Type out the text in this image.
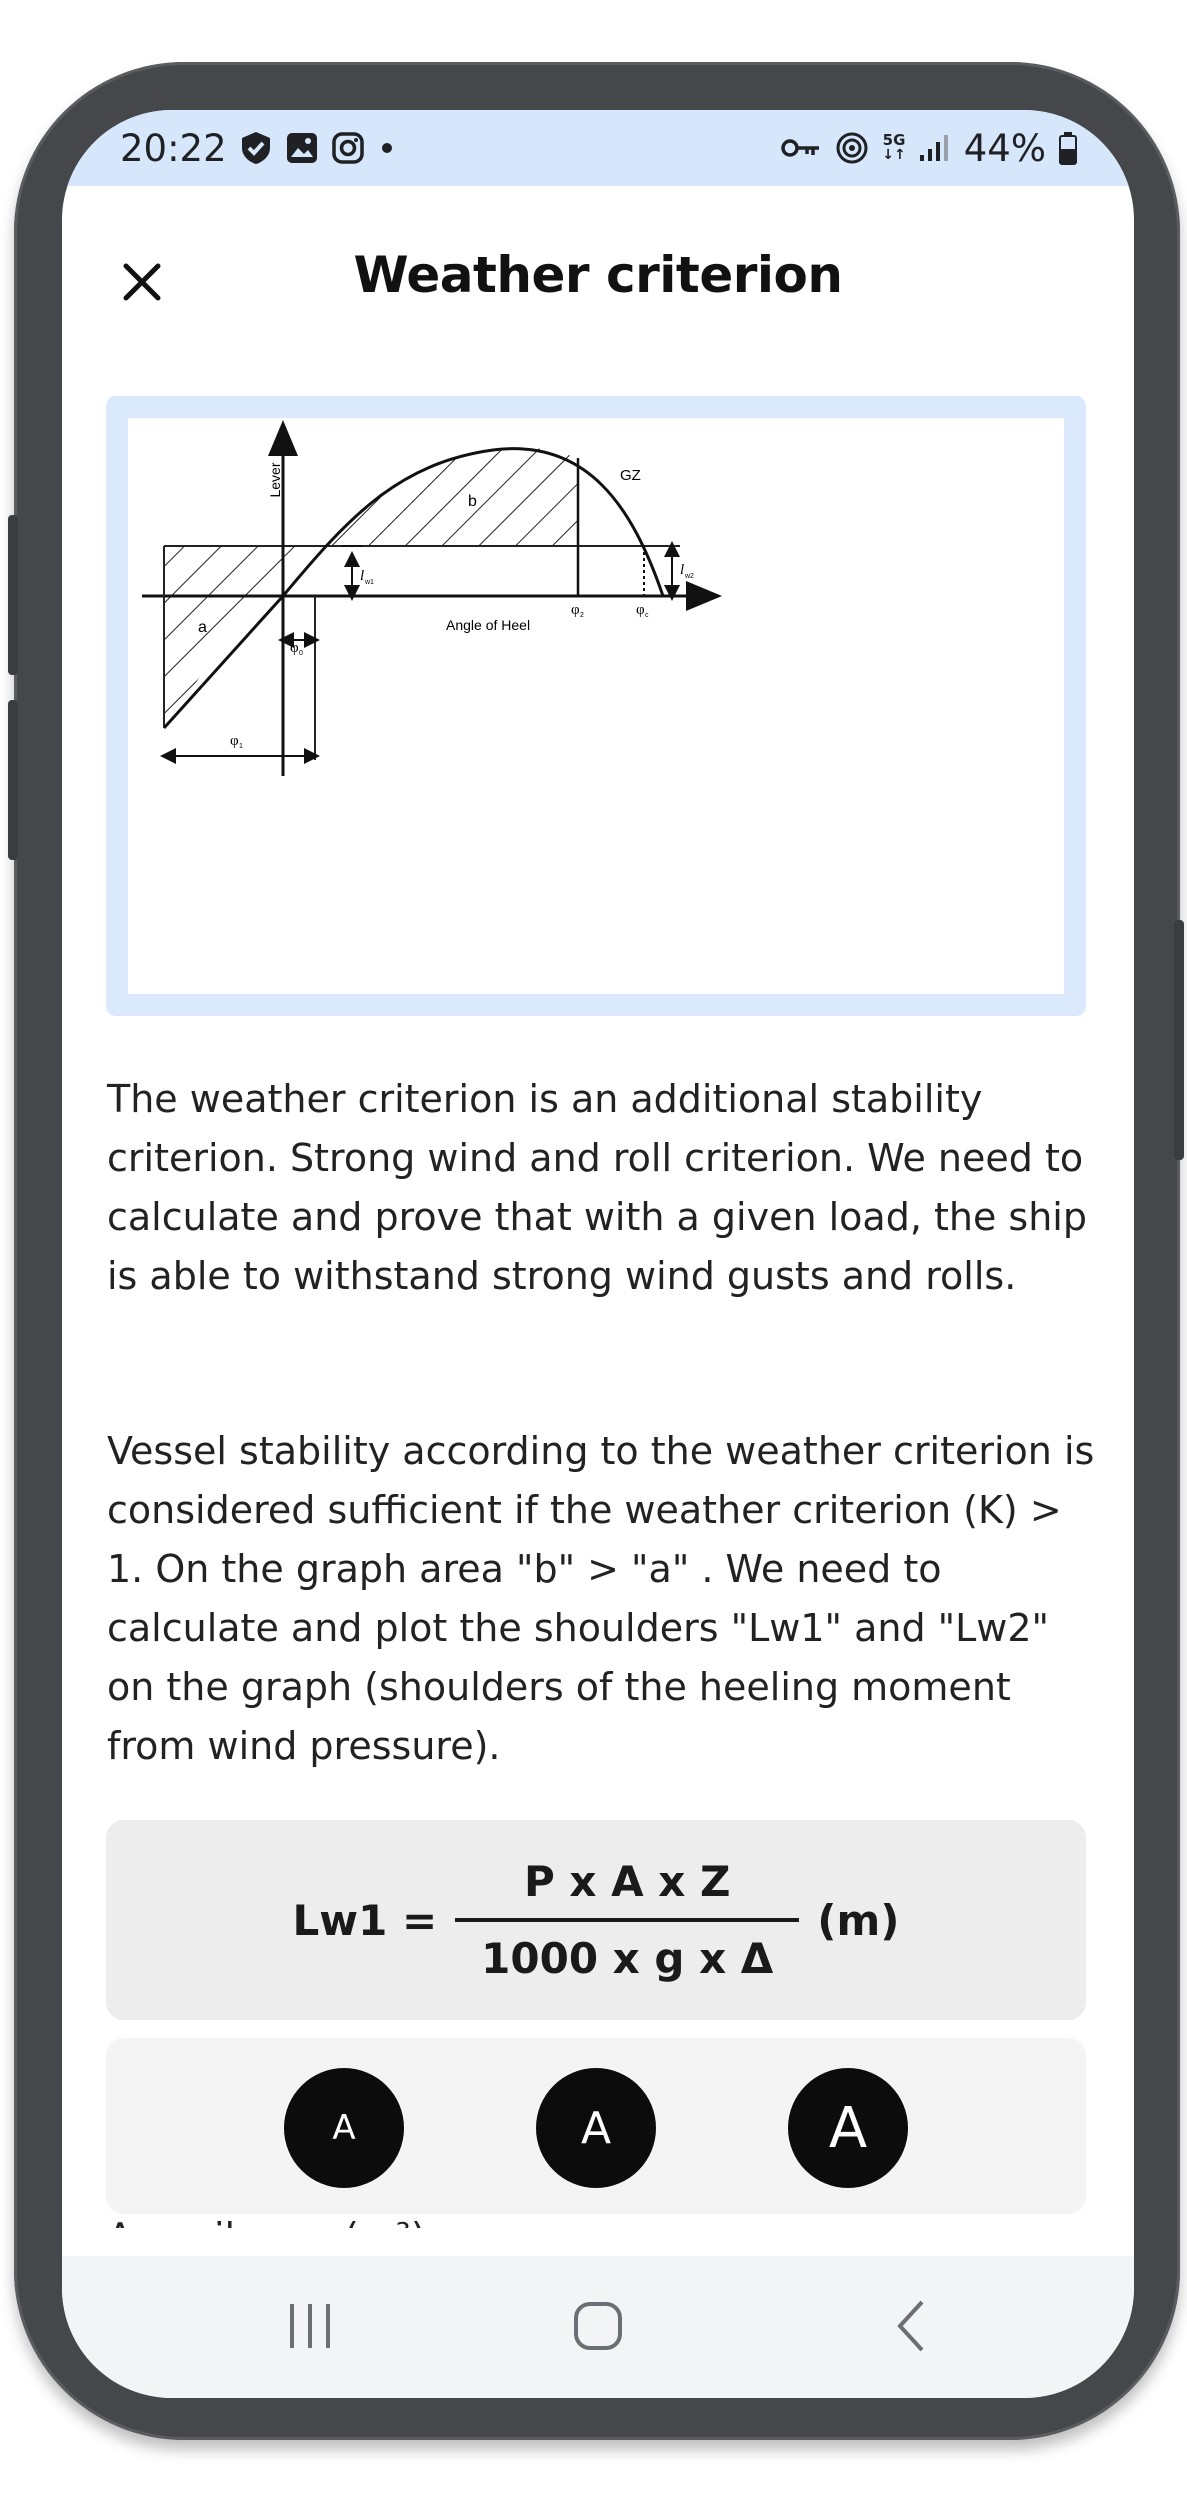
20:22	5G
↓↑ 44%
Weather criterion
Lever	GZ
b
a	Angle of Heel
l w1
l w2
φ 0
φ 1
φ 2	φ c

The weather criterion is an additional stability criterion. Strong wind and roll criterion. We need to calculate and prove that with a given load, the ship is able to withstand strong wind gusts and rolls.

Vessel stability according to the weather criterion is considered sufficient if the weather criterion (K) > 1. On the graph area "b" > "a" . We need to calculate and plot the shoulders "Lw1" and "Lw2" on the graph (shoulders of the heeling moment from wind pressure).

$Lw1 = \frac{\text{P x A x Z}}{\text{1000 x g x Δ}} (m)$
A	A	A
